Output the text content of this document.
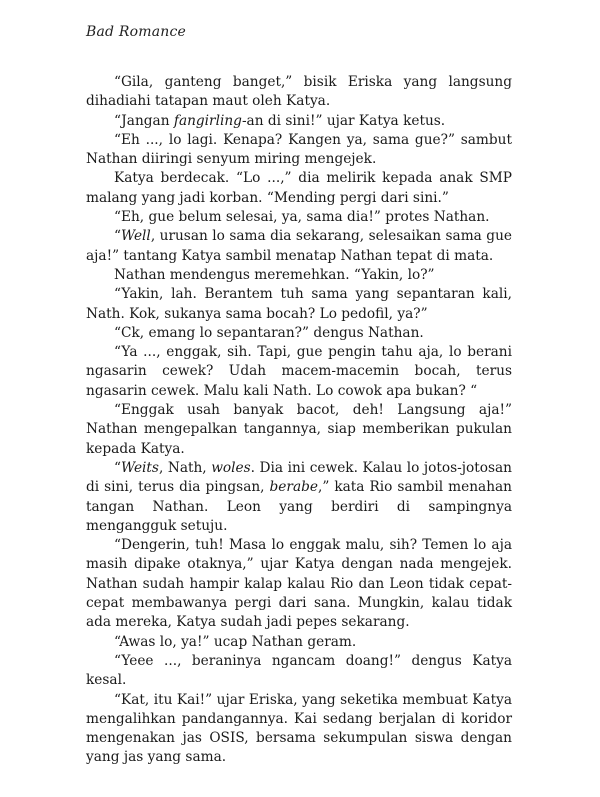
Bad Romance

“Gila, ganteng banget,” bisik Eriska yang langsung dihadiahi tatapan maut oleh Katya.

“Jangan fangirling-an di sini!” ujar Katya ketus.

“Eh ..., lo lagi. Kenapa? Kangen ya, sama gue?” sambut Nathan diiringi senyum miring mengejek.

Katya berdecak. “Lo ...,” dia melirik kepada anak SMP malang yang jadi korban. “Mending pergi dari sini.”

“Eh, gue belum selesai, ya, sama dia!” protes Nathan.

“Well, urusan lo sama dia sekarang, selesaikan sama gue aja!” tantang Katya sambil menatap Nathan tepat di mata.

Nathan mendengus meremehkan. “Yakin, lo?”

“Yakin, lah. Berantem tuh sama yang sepantaran kali, Nath. Kok, sukanya sama bocah? Lo pedofil, ya?”

“Ck, emang lo sepantaran?” dengus Nathan.

“Ya ..., enggak, sih. Tapi, gue pengin tahu aja, lo berani ngasarin cewek? Udah macem-macemin bocah, terus ngasarin cewek. Malu kali Nath. Lo cowok apa bukan? “

“Enggak usah banyak bacot, deh! Langsung aja!” Nathan mengepalkan tangannya, siap memberikan pukulan kepada Katya.

“Weits, Nath, woles. Dia ini cewek. Kalau lo jotos-jotosan di sini, terus dia pingsan, berabe,” kata Rio sambil menahan tangan Nathan. Leon yang berdiri di sampingnya mengangguk setuju.

“Dengerin, tuh! Masa lo enggak malu, sih? Temen lo aja masih dipake otaknya,” ujar Katya dengan nada mengejek. Nathan sudah hampir kalap kalau Rio dan Leon tidak cepat-cepat membawanya pergi dari sana. Mungkin, kalau tidak ada mereka, Katya sudah jadi pepes sekarang.

“Awas lo, ya!” ucap Nathan geram.

“Yeee ..., beraninya ngancam doang!” dengus Katya kesal.

“Kat, itu Kai!” ujar Eriska, yang seketika membuat Katya mengalihkan pandangannya. Kai sedang berjalan di koridor mengenakan jas OSIS, bersama sekumpulan siswa dengan yang jas yang sama.
